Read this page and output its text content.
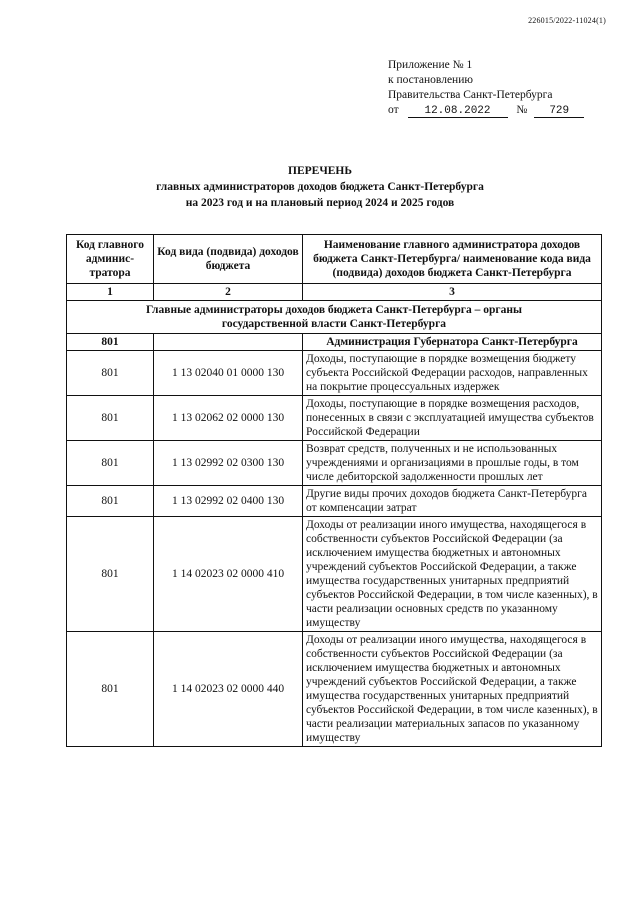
226015/2022-11024(1)
Приложение № 1
к постановлению
Правительства Санкт-Петербурга
от 12.08.2022 № 729
ПЕРЕЧЕНЬ
главных администраторов доходов бюджета Санкт-Петербурга
на 2023 год и на плановый период 2024 и 2025 годов
Код главного админис-тратора	Код вида (подвида) доходов бюджета	Наименование главного администратора доходов бюджета Санкт-Петербурга/ наименование кода вида (подвида) доходов бюджета Санкт-Петербурга
1	2	3
Главные администраторы доходов бюджета Санкт-Петербурга – органы государственной власти Санкт-Петербурга		
801		Администрация Губернатора Санкт-Петербурга
801	1 13 02040 01 0000 130	Доходы, поступающие в порядке возмещения бюджету субъекта Российской Федерации расходов, направленных на покрытие процессуальных издержек
801	1 13 02062 02 0000 130	Доходы, поступающие в порядке возмещения расходов, понесенных в связи с эксплуатацией имущества субъектов Российской Федерации
801	1 13 02992 02 0300 130	Возврат средств, полученных и не использованных учреждениями и организациями в прошлые годы, в том числе дебиторской задолженности прошлых лет
801	1 13 02992 02 0400 130	Другие виды прочих доходов бюджета Санкт-Петербурга от компенсации затрат
801	1 14 02023 02 0000 410	Доходы от реализации иного имущества, находящегося в собственности субъектов Российской Федерации (за исключением имущества бюджетных и автономных учреждений субъектов Российской Федерации, а также имущества государственных унитарных предприятий субъектов Российской Федерации, в том числе казенных), в части реализации основных средств по указанному имуществу
801	1 14 02023 02 0000 440	Доходы от реализации иного имущества, находящегося в собственности субъектов Российской Федерации (за исключением имущества бюджетных и автономных учреждений субъектов Российской Федерации, а также имущества государственных унитарных предприятий субъектов Российской Федерации, в том числе казенных), в части реализации материальных запасов по указанному имуществу
